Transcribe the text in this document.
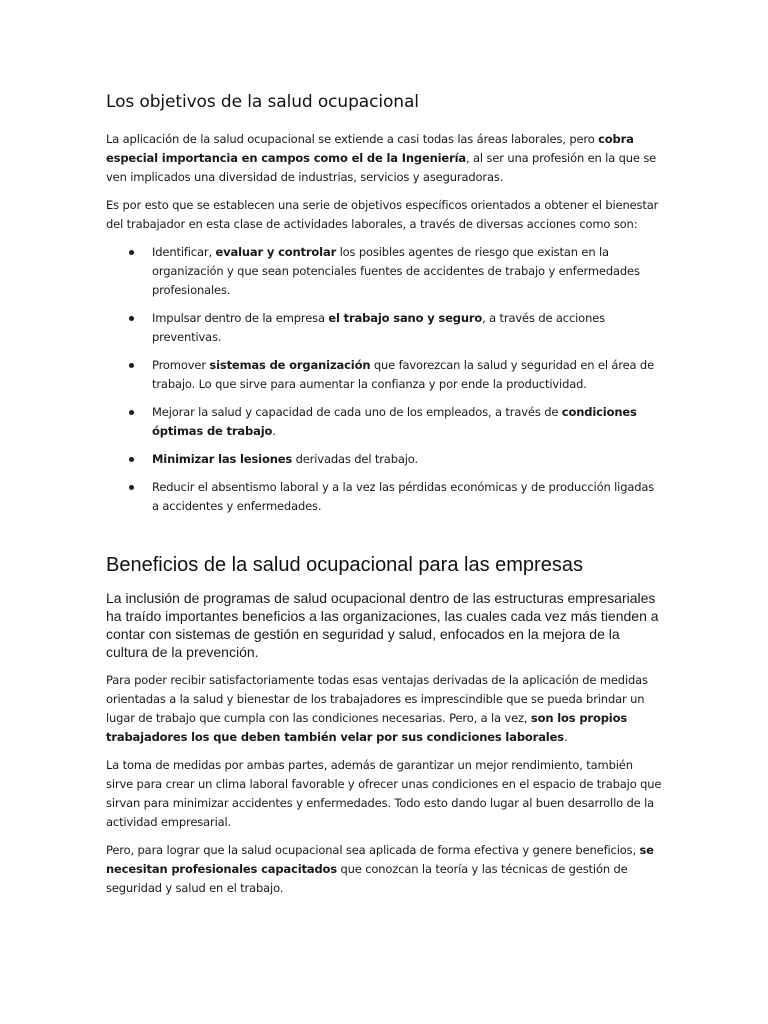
Los objetivos de la salud ocupacional

La aplicación de la salud ocupacional se extiende a casi todas las áreas laborales, pero cobra especial importancia en campos como el de la Ingeniería, al ser una profesión en la que se ven implicados una diversidad de industrias, servicios y aseguradoras.

Es por esto que se establecen una serie de objetivos específicos orientados a obtener el bienestar del trabajador en esta clase de actividades laborales, a través de diversas acciones como son:

Identificar, evaluar y controlar los posibles agentes de riesgo que existan en la organización y que sean potenciales fuentes de accidentes de trabajo y enfermedades profesionales.
Impulsar dentro de la empresa el trabajo sano y seguro, a través de acciones preventivas.
Promover sistemas de organización que favorezcan la salud y seguridad en el área de trabajo. Lo que sirve para aumentar la confianza y por ende la productividad.
Mejorar la salud y capacidad de cada uno de los empleados, a través de condiciones óptimas de trabajo.
Minimizar las lesiones derivadas del trabajo.
Reducir el absentismo laboral y a la vez las pérdidas económicas y de producción ligadas a accidentes y enfermedades.
Beneficios de la salud ocupacional para las empresas

La inclusión de programas de salud ocupacional dentro de las estructuras empresariales ha traído importantes beneficios a las organizaciones, las cuales cada vez más tienden a contar con sistemas de gestión en seguridad y salud, enfocados en la mejora de la cultura de la prevención.

Para poder recibir satisfactoriamente todas esas ventajas derivadas de la aplicación de medidas orientadas a la salud y bienestar de los trabajadores es imprescindible que se pueda brindar un lugar de trabajo que cumpla con las condiciones necesarias. Pero, a la vez, son los propios trabajadores los que deben también velar por sus condiciones laborales.

La toma de medidas por ambas partes, además de garantizar un mejor rendimiento, también sirve para crear un clima laboral favorable y ofrecer unas condiciones en el espacio de trabajo que sirvan para minimizar accidentes y enfermedades. Todo esto dando lugar al buen desarrollo de la actividad empresarial.

Pero, para lograr que la salud ocupacional sea aplicada de forma efectiva y genere beneficios, se necesitan profesionales capacitados que conozcan la teoría y las técnicas de gestión de seguridad y salud en el trabajo.
